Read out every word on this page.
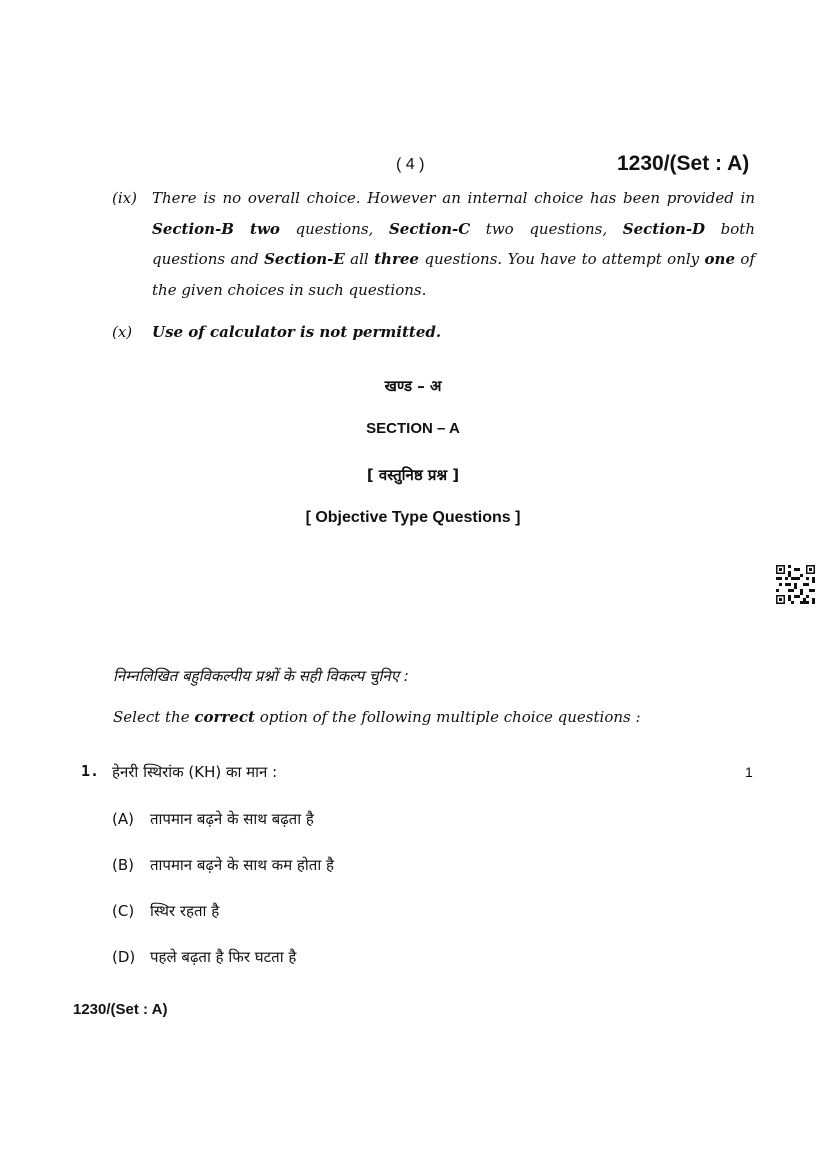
( 4 )	1230/(Set : A)
(ix) There is no overall choice. However an internal choice has been provided in Section-B two questions, Section-C two questions, Section-D both questions and Section-E all three questions. You have to attempt only one of the given choices in such questions.
(x) Use of calculator is not permitted.
खण्ड – अ
SECTION – A
[ वस्तुनिष्ठ प्रश्न ]
[ Objective Type Questions ]
निम्नलिखित बहुविकल्पीय प्रश्नों के सही विकल्प चुनिए :
Select the correct option of the following multiple choice questions :
1. हेनरी स्थिरांक (KH) का मान :	1
(A) तापमान बढ़ने के साथ बढ़ता है
(B) तापमान बढ़ने के साथ कम होता है
(C) स्थिर रहता है
(D) पहले बढ़ता है फिर घटता है
1230/(Set : A)
